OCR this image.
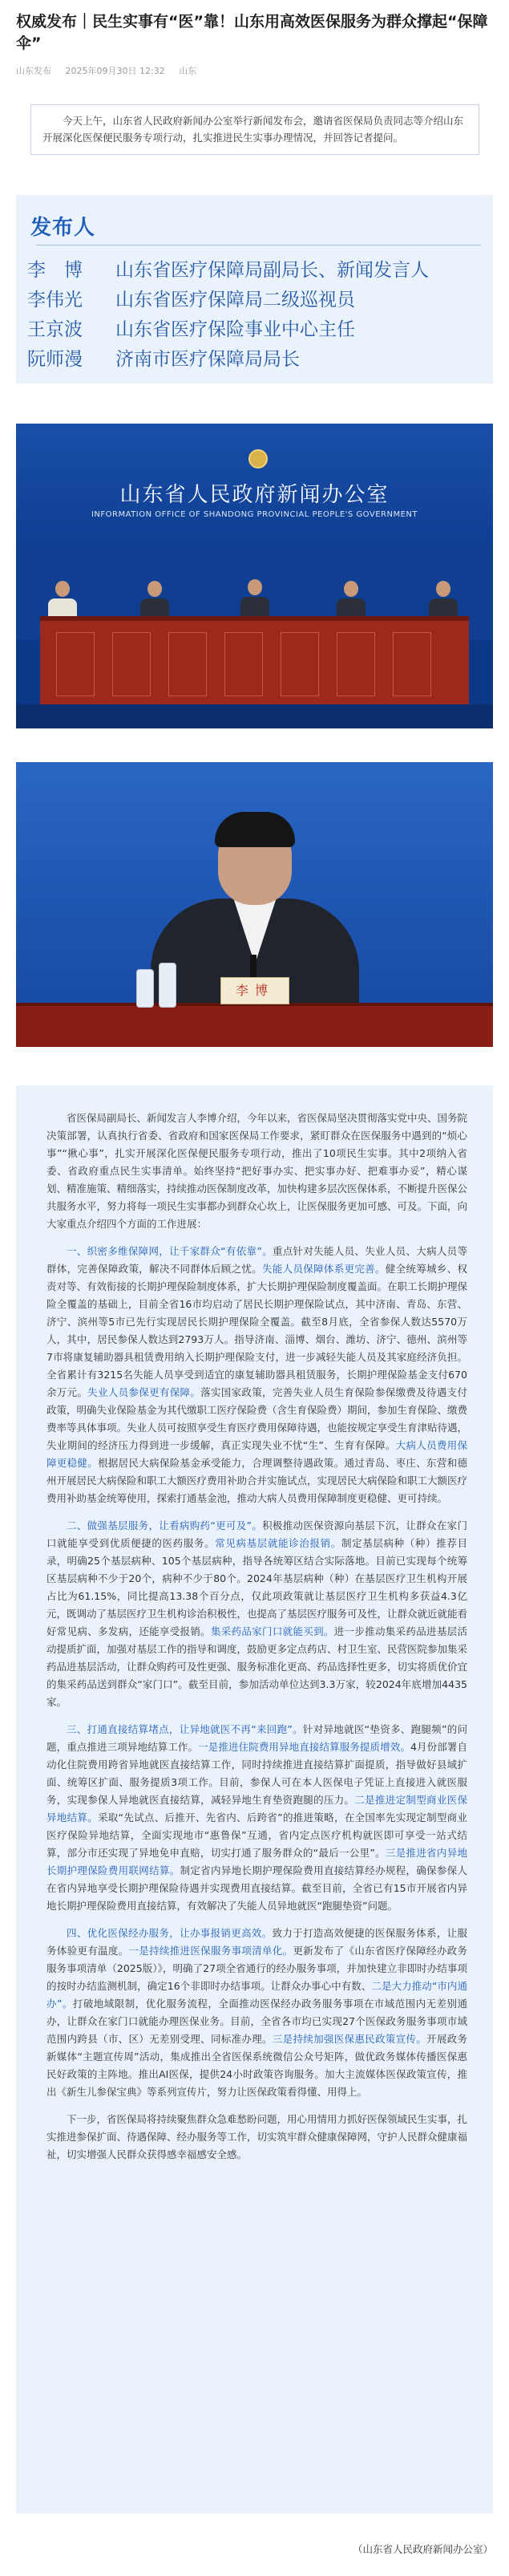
权威发布｜民生实事有“医”靠！山东用高效医保服务为群众撑起“保障伞”
山东发布 2025年09月30日 12:32 山东
今天上午，山东省人民政府新闻办公室举行新闻发布会，邀请省医保局负责同志等介绍山东开展深化医保便民服务专项行动，扎实推进民生实事办理情况，并回答记者提问。
发布人
李　博 山东省医疗保障局副局长、新闻发言人
李伟光 山东省医疗保障局二级巡视员
王京波 山东省医疗保险事业中心主任
阮师漫 济南市医疗保障局局长
山东省人民政府新闻办公室
INFORMATION OFFICE OF SHANDONG PROVINCIAL PEOPLE'S GOVERNMENT
李博

省医保局副局长、新闻发言人李博介绍，今年以来，省医保局坚决贯彻落实党中央、国务院决策部署，认真执行省委、省政府和国家医保局工作要求，紧盯群众在医保服务中遇到的“烦心事”“揪心事”，扎实开展深化医保便民服务专项行动，推出了10项民生实事。其中2项纳入省委、省政府重点民生实事清单。始终坚持“把好事办实、把实事办好、把难事办妥”，精心谋划、精准施策、精细落实，持续推动医保制度改革，加快构建多层次医保体系，不断提升医保公共服务水平，努力将每一项民生实事都办到群众心坎上，让医保服务更加可感、可及。下面，向大家重点介绍四个方面的工作进展：

一、织密多维保障网，让千家群众“有依靠”。重点针对失能人员、失业人员、大病人员等群体，完善保障政策，解决不同群体后顾之忧。失能人员保障体系更完善。健全统筹城乡、权责对等、有效衔接的长期护理保险制度体系，扩大长期护理保险制度覆盖面。在职工长期护理保险全覆盖的基础上，目前全省16市均启动了居民长期护理保险试点，其中济南、青岛、东营、济宁、滨州等5市已先行实现居民长期护理保险全覆盖。截至8月底，全省参保人数达5570万人，其中，居民参保人数达到2793万人。指导济南、淄博、烟台、潍坊、济宁、德州、滨州等7市将康复辅助器具租赁费用纳入长期护理保险支付，进一步减轻失能人员及其家庭经济负担。全省累计有3215名失能人员享受到适宜的康复辅助器具租赁服务，长期护理保险基金支付670余万元。失业人员参保更有保障。落实国家政策，完善失业人员生育保险参保缴费及待遇支付政策，明确失业保险基金为其代缴职工医疗保险费（含生育保险费）期间，参加生育保险、缴费费率等具体事项。失业人员可按照享受生育医疗费用保障待遇，也能按规定享受生育津贴待遇，失业期间的经济压力得到进一步缓解，真正实现失业不忧“生”、生育有保障。大病人员费用保障更稳健。根据居民大病保险基金承受能力，合理调整待遇政策。通过青岛、枣庄、东营和德州开展居民大病保险和职工大额医疗费用补助合并实施试点，实现居民大病保险和职工大额医疗费用补助基金统筹使用，探索打通基金池，推动大病人员费用保障制度更稳健、更可持续。

二、做强基层服务，让看病购药“更可及”。积极推动医保资源向基层下沉，让群众在家门口就能享受到优质便捷的医药服务。常见病基层就能诊治报销。制定基层病种（种）推荐目录，明确25个基层病种、105个基层病种，指导各统筹区结合实际落地。目前已实现每个统筹区基层病种不少于20个，病种不少于80个。2024年基层病种（种）在基层医疗卫生机构开展占比为61.15%，同比提高13.38个百分点，仅此项政策就让基层医疗卫生机构多获益4.3亿元，既调动了基层医疗卫生机构诊治积极性，也提高了基层医疗服务可及性，让群众就近就能看好常见病、多发病，还能享受报销。集采药品家门口就能买到。进一步推动集采药品进基层活动提质扩面，加强对基层工作的指导和调度，鼓励更多定点药店、村卫生室、民营医院参加集采药品进基层活动，让群众购药可及性更强、服务标准化更高、药品选择性更多，切实将质优价宜的集采药品送到群众“家门口”。截至目前，参加活动单位达到3.3万家，较2024年底增加4435家。

三、打通直接结算堵点，让异地就医不再“来回跑”。针对异地就医“垫资多、跑腿频”的问题，重点推进三项异地结算工作。一是推进住院费用异地直接结算服务提质增效。4月份部署自动化住院费用跨省异地就医直接结算工作，同时持续推进直接结算扩面提质，指导做好县域扩面、统筹区扩面、服务提质3项工作。目前，参保人可在本人医保电子凭证上直接进入就医服务，实现参保人异地就医直接结算，减轻异地生育垫资跑腿的压力。二是推进定制型商业医保异地结算。采取“先试点、后推开、先省内、后跨省”的推进策略，在全国率先实现定制型商业医疗保险异地结算，全面实现地市“惠鲁保”互通，省内定点医疗机构就医即可享受一站式结算，部分市还实现了异地免申直赔，切实打通了服务群众的“最后一公里”。三是推进省内异地长期护理保险费用联网结算。制定省内异地长期护理保险费用直接结算经办规程，确保参保人在省内异地享受长期护理保险待遇并实现费用直接结算。截至目前，全省已有15市开展省内异地长期护理保险费用直接结算，有效解决了失能人员异地就医“跑腿垫资”问题。

四、优化医保经办服务，让办事报销更高效。致力于打造高效便捷的医保服务体系，让服务体验更有温度。一是持续推进医保服务事项清单化。更新发布了《山东省医疗保障经办政务服务事项清单（2025版）》，明确了27项全省通行的经办服务事项，并加快建立非即时办结事项的按时办结监测机制，确定16个非即时办结事项。让群众办事心中有数、二是大力推动“市内通办”。打破地域限制，优化服务流程，全面推动医保经办政务服务事项在市域范围内无差别通办，让群众在家门口就能办理医保业务。目前，全省各市均已实现27个医保政务服务事项市域范围内跨县（市、区）无差别受理、同标准办理。三是持续加强医保惠民政策宣传。开展政务新媒体“主题宣传周”活动，集成推出全省医保系统微信公众号矩阵，做优政务媒体传播医保惠民好政策的主阵地。推出AI医保，提供24小时政策咨询服务。加大主流媒体医保政策宣传，推出《新生儿参保宝典》等系列宣传片，努力让医保政策看得懂、用得上。

下一步，省医保局将持续聚焦群众急难愁盼问题，用心用情用力抓好医保领域民生实事，扎实推进参保扩面、待遇保障、经办服务等工作，切实筑牢群众健康保障网，守护人民群众健康福祉，切实增强人民群众获得感幸福感安全感。

（山东省人民政府新闻办公室）
